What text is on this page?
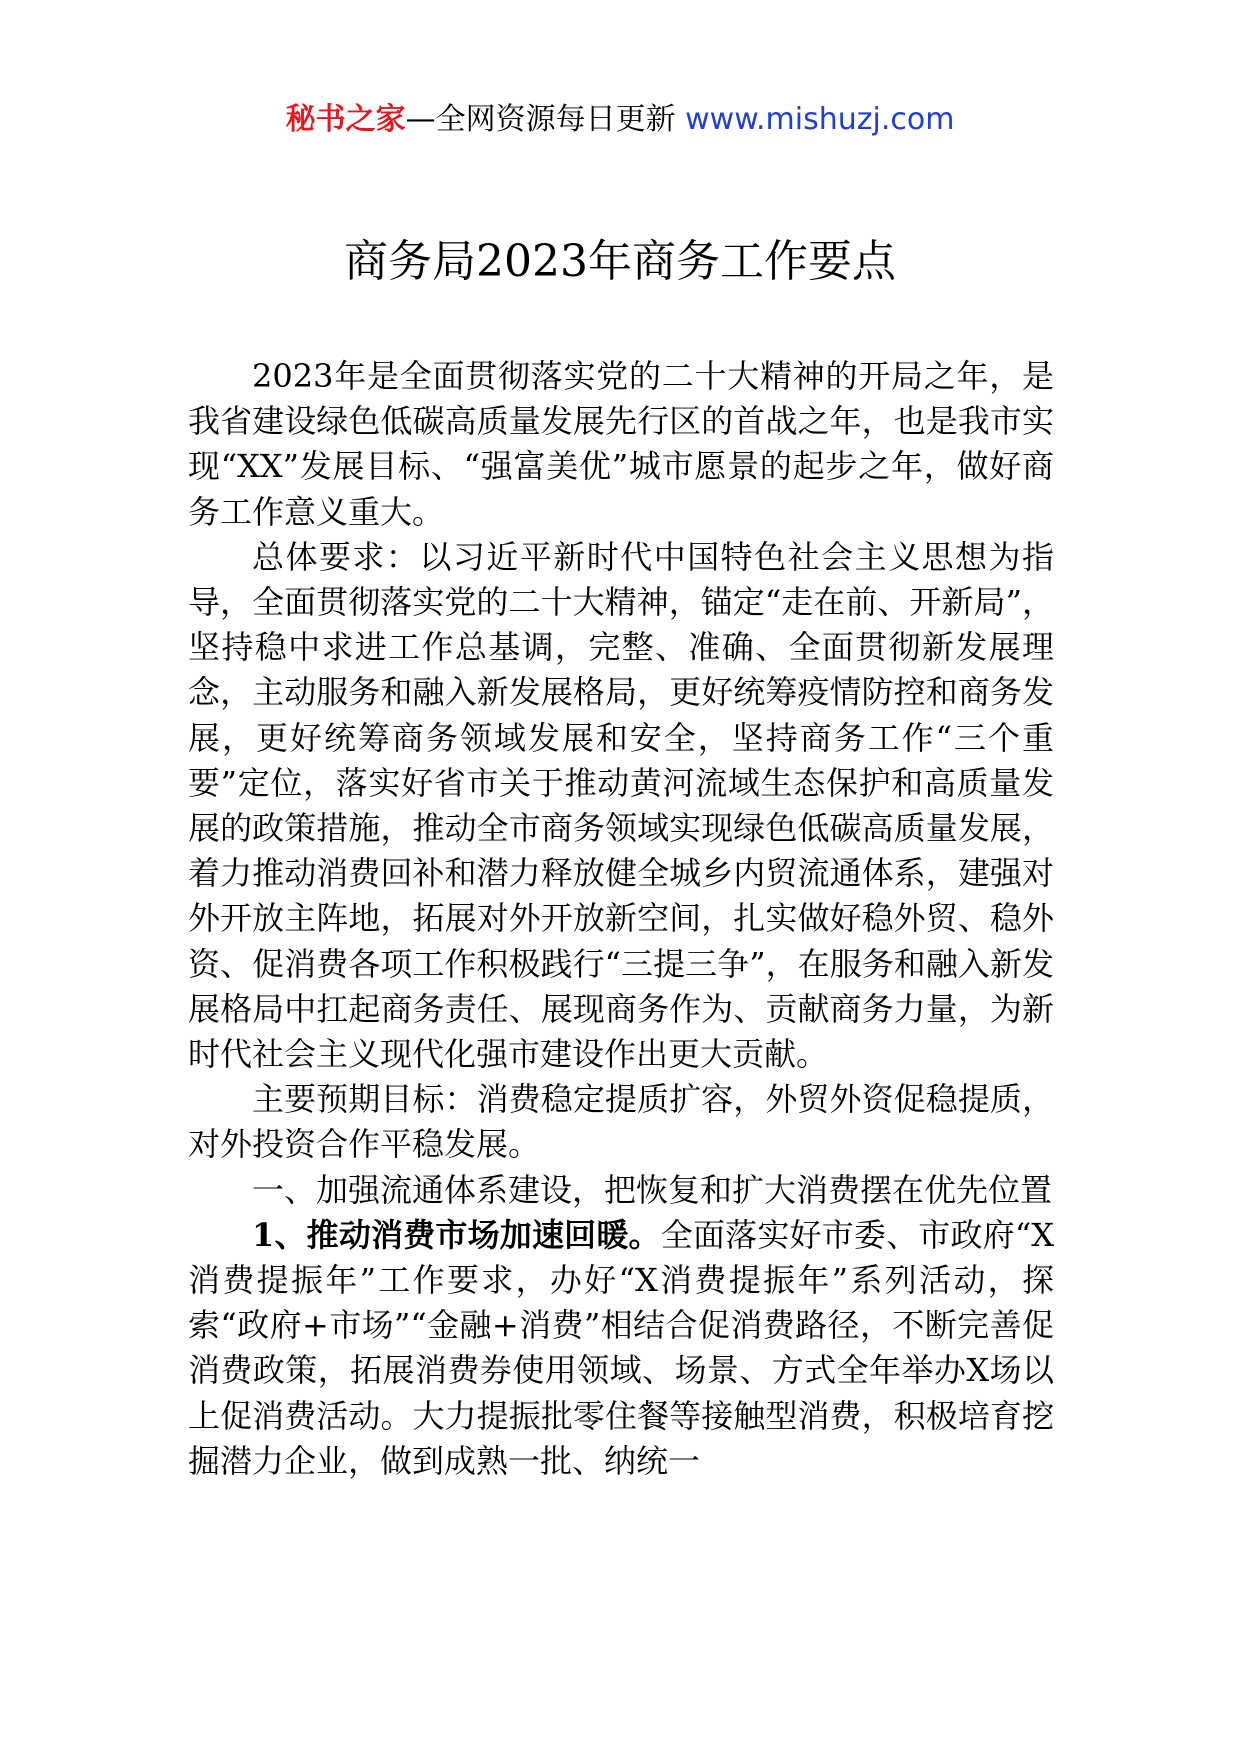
秘书之家—全网资源每日更新 www.mishuzj.com
商务局2023年商务工作要点

2023年是全面贯彻落实党的二十大精神的开局之年，是我省建设绿色低碳高质量发展先行区的首战之年，也是我市实现“XX”发展目标、“强富美优”城市愿景的起步之年，做好商务工作意义重大。

总体要求：以习近平新时代中国特色社会主义思想为指导，全面贯彻落实党的二十大精神，锚定“走在前、开新局”，坚持稳中求进工作总基调，完整、准确、全面贯彻新发展理念，主动服务和融入新发展格局，更好统筹疫情防控和商务发展，更好统筹商务领域发展和安全，坚持商务工作“三个重要”定位，落实好省市关于推动黄河流域生态保护和高质量发展的政策措施，推动全市商务领域实现绿色低碳高质量发展，着力推动消费回补和潜力释放健全城乡内贸流通体系，建强对外开放主阵地，拓展对外开放新空间，扎实做好稳外贸、稳外资、促消费各项工作积极践行“三提三争”，在服务和融入新发展格局中扛起商务责任、展现商务作为、贡献商务力量，为新时代社会主义现代化强市建设作出更大贡献。

主要预期目标：消费稳定提质扩容，外贸外资促稳提质，对外投资合作平稳发展。

一、加强流通体系建设，把恢复和扩大消费摆在优先位置

1、推动消费市场加速回暖。全面落实好市委、市政府“X消费提振年”工作要求，办好“X消费提振年”系列活动，探索“政府+市场”“金融+消费”相结合促消费路径，不断完善促消费政策，拓展消费券使用领域、场景、方式全年举办X场以上促消费活动。大力提振批零住餐等接触型消费，积极培育挖掘潜力企业，做到成熟一批、纳统一
